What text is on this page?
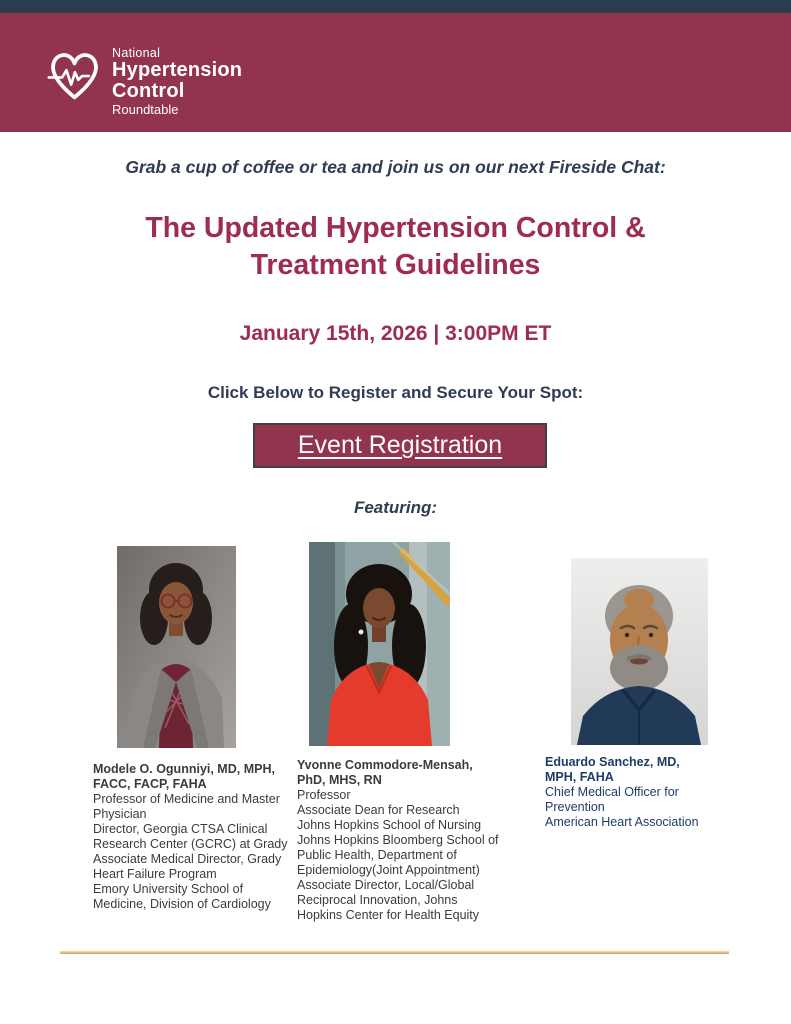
National
Hypertension
Control
Roundtable
Grab a cup of coffee or tea and join us on our next Fireside Chat:
The Updated Hypertension Control & Treatment Guidelines
January 15th, 2026 | 3:00PM ET
Click Below to Register and Secure Your Spot:
Event Registration
Featuring:
Modele O. Ogunniyi, MD, MPH, FACC, FACP, FAHA
Professor of Medicine and Master Physician
Director, Georgia CTSA Clinical Research Center (GCRC) at Grady
Associate Medical Director, Grady Heart Failure Program
Emory University School of Medicine, Division of Cardiology
Yvonne Commodore-Mensah, PhD, MHS, RN
Professor
Associate Dean for Research
Johns Hopkins School of Nursing
Johns Hopkins Bloomberg School of Public Health, Department of Epidemiology(Joint Appointment)
Associate Director, Local/Global Reciprocal Innovation, Johns Hopkins Center for Health Equity
Eduardo Sanchez, MD, MPH, FAHA
Chief Medical Officer for Prevention
American Heart Association
